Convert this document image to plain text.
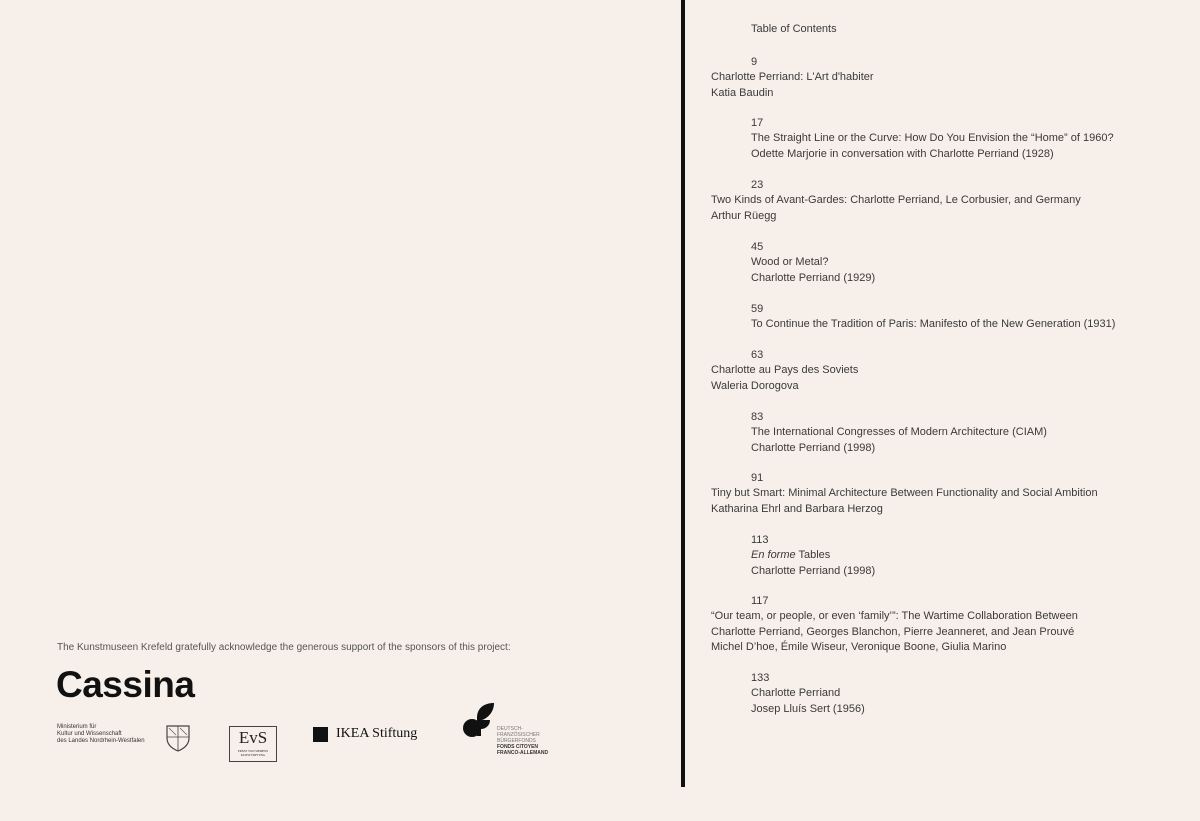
The Kunstmuseen Krefeld gratefully acknowledge the generous support of the sponsors of this project:
Cassina
Ministerium für
Kultur und Wissenschaft
des Landes Nordrhein-Westfalen	EvS
ERNST VON SIEMENS KUNSTSTIFTUNG
IKEA Stiftung	DEUTSCH-
FRANZÖSISCHER
BÜRGERFONDS
FONDS CITOYEN
FRANCO-ALLEMAND
Table of Contents
9
Charlotte Perriand: L'Art d'habiter
Katia Baudin
17
The Straight Line or the Curve: How Do You Envision the “Home” of 1960?
Odette Marjorie in conversation with Charlotte Perriand (1928)
23
Two Kinds of Avant-Gardes: Charlotte Perriand, Le Corbusier, and Germany
Arthur Rüegg
45
Wood or Metal?
Charlotte Perriand (1929)
59
To Continue the Tradition of Paris: Manifesto of the New Generation (1931)
63
Charlotte au Pays des Soviets
Waleria Dorogova
83
The International Congresses of Modern Architecture (CIAM)
Charlotte Perriand (1998)
91
Tiny but Smart: Minimal Architecture Between Functionality and Social Ambition
Katharina Ehrl and Barbara Herzog
113
En forme Tables
Charlotte Perriand (1998)
117
“Our team, or people, or even ‘family’”: The Wartime Collaboration Between
Charlotte Perriand, Georges Blanchon, Pierre Jeanneret, and Jean Prouvé
Michel D’hoe, Émile Wiseur, Veronique Boone, Giulia Marino
133
Charlotte Perriand
Josep Lluís Sert (1956)
